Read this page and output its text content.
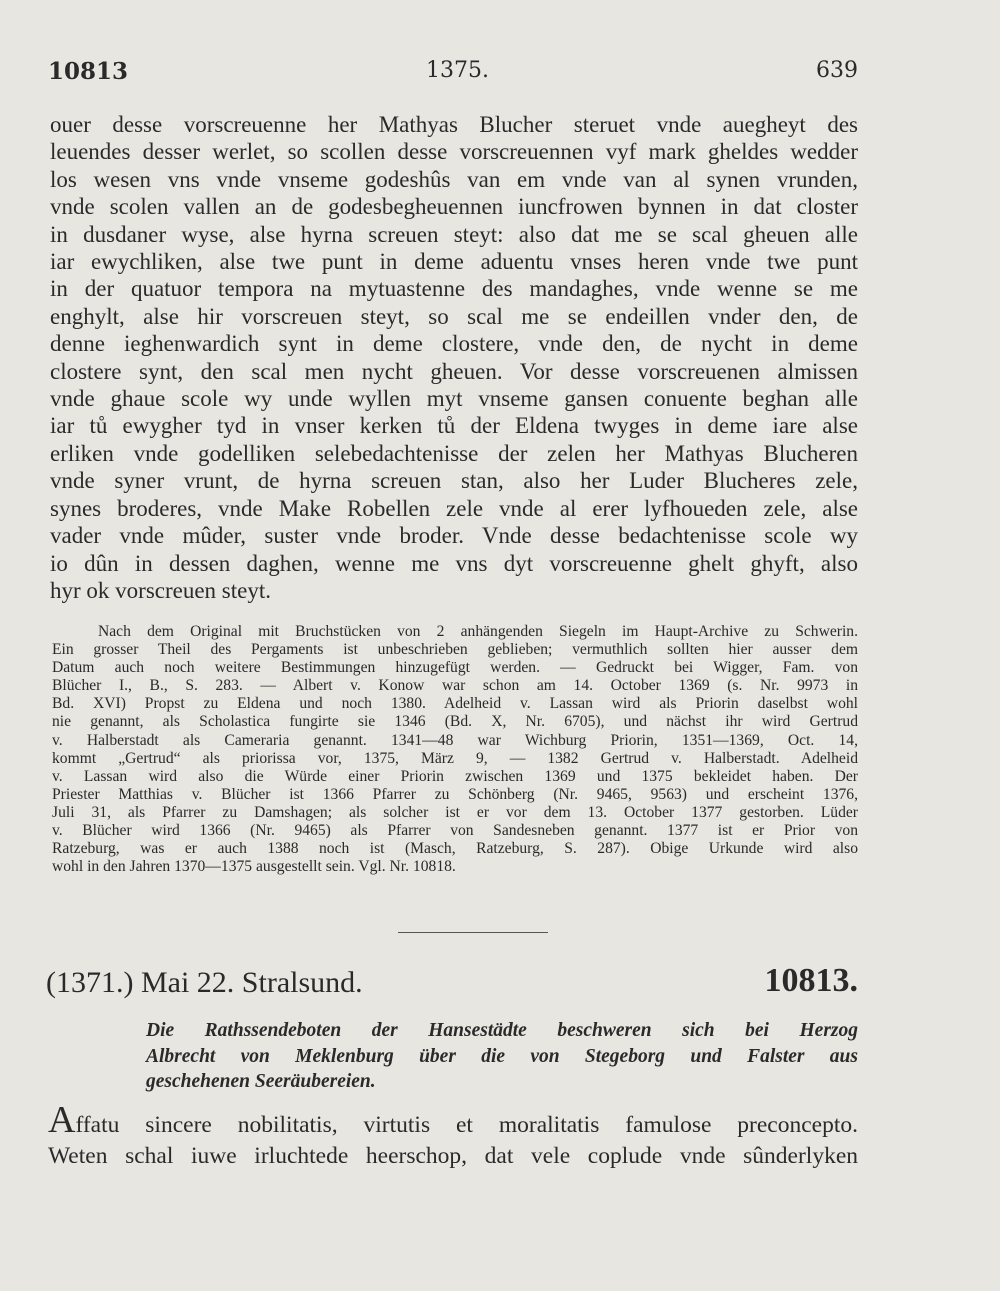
10813	1375.	639
ouer desse vorscreuenne her Mathyas Blucher steruet vnde auegheyt des
leuendes desser werlet, so scollen desse vorscreuennen vyf mark gheldes wedder
los wesen vns vnde vnseme godeshûs van em vnde van al synen vrunden,
vnde scolen vallen an de godesbegheuennen iuncfrowen bynnen in dat closter
in dusdaner wyse, alse hyrna screuen steyt: also dat me se scal gheuen alle
iar ewychliken, alse twe punt in deme aduentu vnses heren vnde twe punt
in der quatuor tempora na mytuastenne des mandaghes, vnde wenne se me
enghylt, alse hir vorscreuen steyt, so scal me se endeillen vnder den, de
denne ieghenwardich synt in deme clostere, vnde den, de nycht in deme
clostere synt, den scal men nycht gheuen. Vor desse vorscreuenen almissen
vnde ghaue scole wy unde wyllen myt vnseme gansen conuente beghan alle
iar tů ewygher tyd in vnser kerken tů der Eldena twyges in deme iare alse
erliken vnde godelliken selebedachtenisse der zelen her Mathyas Blucheren
vnde syner vrunt, de hyrna screuen stan, also her Luder Blucheres zele,
synes broderes, vnde Make Robellen zele vnde al erer lyfhoueden zele, alse
vader vnde mûder, suster vnde broder. Vnde desse bedachtenisse scole wy
io dûn in dessen daghen, wenne me vns dyt vorscreuenne ghelt ghyft, also
hyr ok vorscreuen steyt.
Nach dem Original mit Bruchstücken von 2 anhängenden Siegeln im Haupt-Archive zu Schwerin.
Ein grosser Theil des Pergaments ist unbeschrieben geblieben; vermuthlich sollten hier ausser dem
Datum auch noch weitere Bestimmungen hinzugefügt werden. — Gedruckt bei Wigger, Fam. von
Blücher I., B., S. 283. — Albert v. Konow war schon am 14. October 1369 (s. Nr. 9973 in
Bd. XVI) Propst zu Eldena und noch 1380. Adelheid v. Lassan wird als Priorin daselbst wohl
nie genannt, als Scholastica fungirte sie 1346 (Bd. X, Nr. 6705), und nächst ihr wird Gertrud
v. Halberstadt als Cameraria genannt. 1341—48 war Wichburg Priorin, 1351—1369, Oct. 14,
kommt „Gertrud“ als priorissa vor, 1375, März 9, — 1382 Gertrud v. Halberstadt. Adelheid
v. Lassan wird also die Würde einer Priorin zwischen 1369 und 1375 bekleidet haben. Der
Priester Matthias v. Blücher ist 1366 Pfarrer zu Schönberg (Nr. 9465, 9563) und erscheint 1376,
Juli 31, als Pfarrer zu Damshagen; als solcher ist er vor dem 13. October 1377 gestorben. Lüder
v. Blücher wird 1366 (Nr. 9465) als Pfarrer von Sandesneben genannt. 1377 ist er Prior von
Ratzeburg, was er auch 1388 noch ist (Masch, Ratzeburg, S. 287). Obige Urkunde wird also
wohl in den Jahren 1370—1375 ausgestellt sein. Vgl. Nr. 10818.
(1371.) Mai 22. Stralsund.	10813.
Die Rathssendeboten der Hansestädte beschweren sich bei Herzog
Albrecht von Meklenburg über die von Stegeborg und Falster aus
geschehenen Seeräubereien.
Affatu sincere nobilitatis, virtutis et moralitatis famulose preconcepto.
Weten schal iuwe irluchtede heerschop, dat vele coplude vnde sûnderlyken
